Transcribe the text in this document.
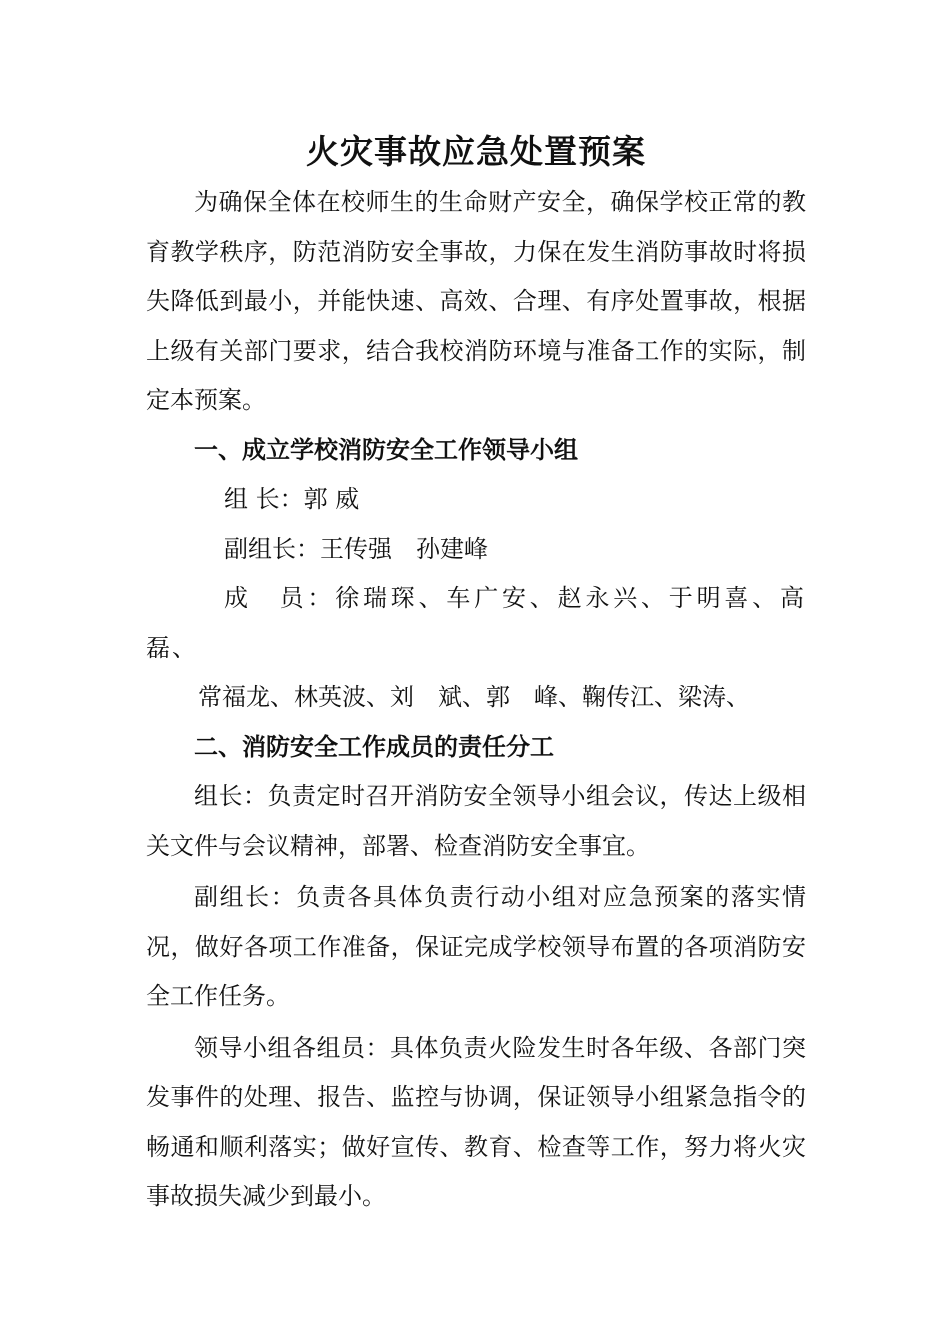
火灾事故应急处置预案

为确保全体在校师生的生命财产安全，确保学校正常的教育教学秩序，防范消防安全事故，力保在发生消防事故时将损失降低到最小，并能快速、高效、合理、有序处置事故，根据上级有关部门要求，结合我校消防环境与准备工作的实际，制定本预案。

一、成立学校消防安全工作领导小组

组 长：郭 威

副组长：王传强　孙建峰

成　员：徐瑞琛、车广安、赵永兴、于明喜、高磊、

常福龙、林英波、刘　斌、郭　峰、鞠传江、梁涛、

二、消防安全工作成员的责任分工

组长：负责定时召开消防安全领导小组会议，传达上级相关文件与会议精神，部署、检查消防安全事宜。

副组长：负责各具体负责行动小组对应急预案的落实情况，做好各项工作准备，保证完成学校领导布置的各项消防安全工作任务。

领导小组各组员：具体负责火险发生时各年级、各部门突发事件的处理、报告、监控与协调，保证领导小组紧急指令的畅通和顺利落实；做好宣传、教育、检查等工作，努力将火灾事故损失减少到最小。
